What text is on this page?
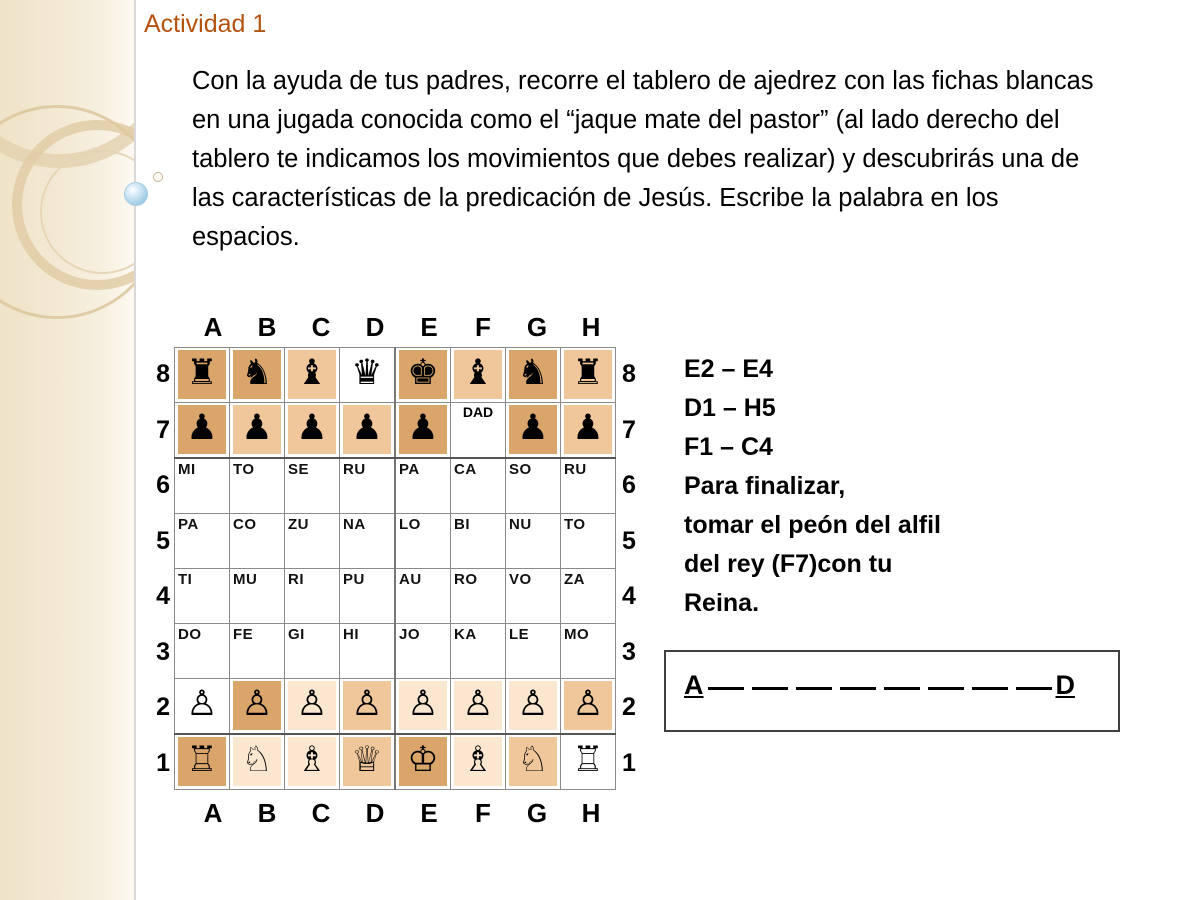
Actividad 1
Con la ayuda de tus padres, recorre el tablero de ajedrez con las fichas blancas en una jugada conocida como el “jaque mate del pastor” (al lado derecho del tablero te indicamos los movimientos que debes realizar) y descubrirás una de las características de la predicación de Jesús. Escribe la palabra en los espacios.
A	B	C	D	E	F	G	H
8
7
6
5
4
3
2
1
♜	♞	♝	♛	♚	♝	♞	♜

♟	♟	♟	♟	♟	DAD	♟	♟

MI	TO	SE	RU	PA	CA	SO	RU

PA	CO	ZU	NA	LO	BI	NU	TO

TI	MU	RI	PU	AU	RO	VO	ZA

DO	FE	GI	HI	JO	KA	LE	MO

♙	♙	♙	♙	♙	♙	♙	♙

♖	♘	♗	♕	♔	♗	♘	♖
8
7
6
5
4
3
2
1
A	B	C	D	E	F	G	H
E2 – E4
D1 – H5
F1 – C4
Para finalizar,
tomar el peón del alfil
del rey (F7)con tu
Reina.
A	D
